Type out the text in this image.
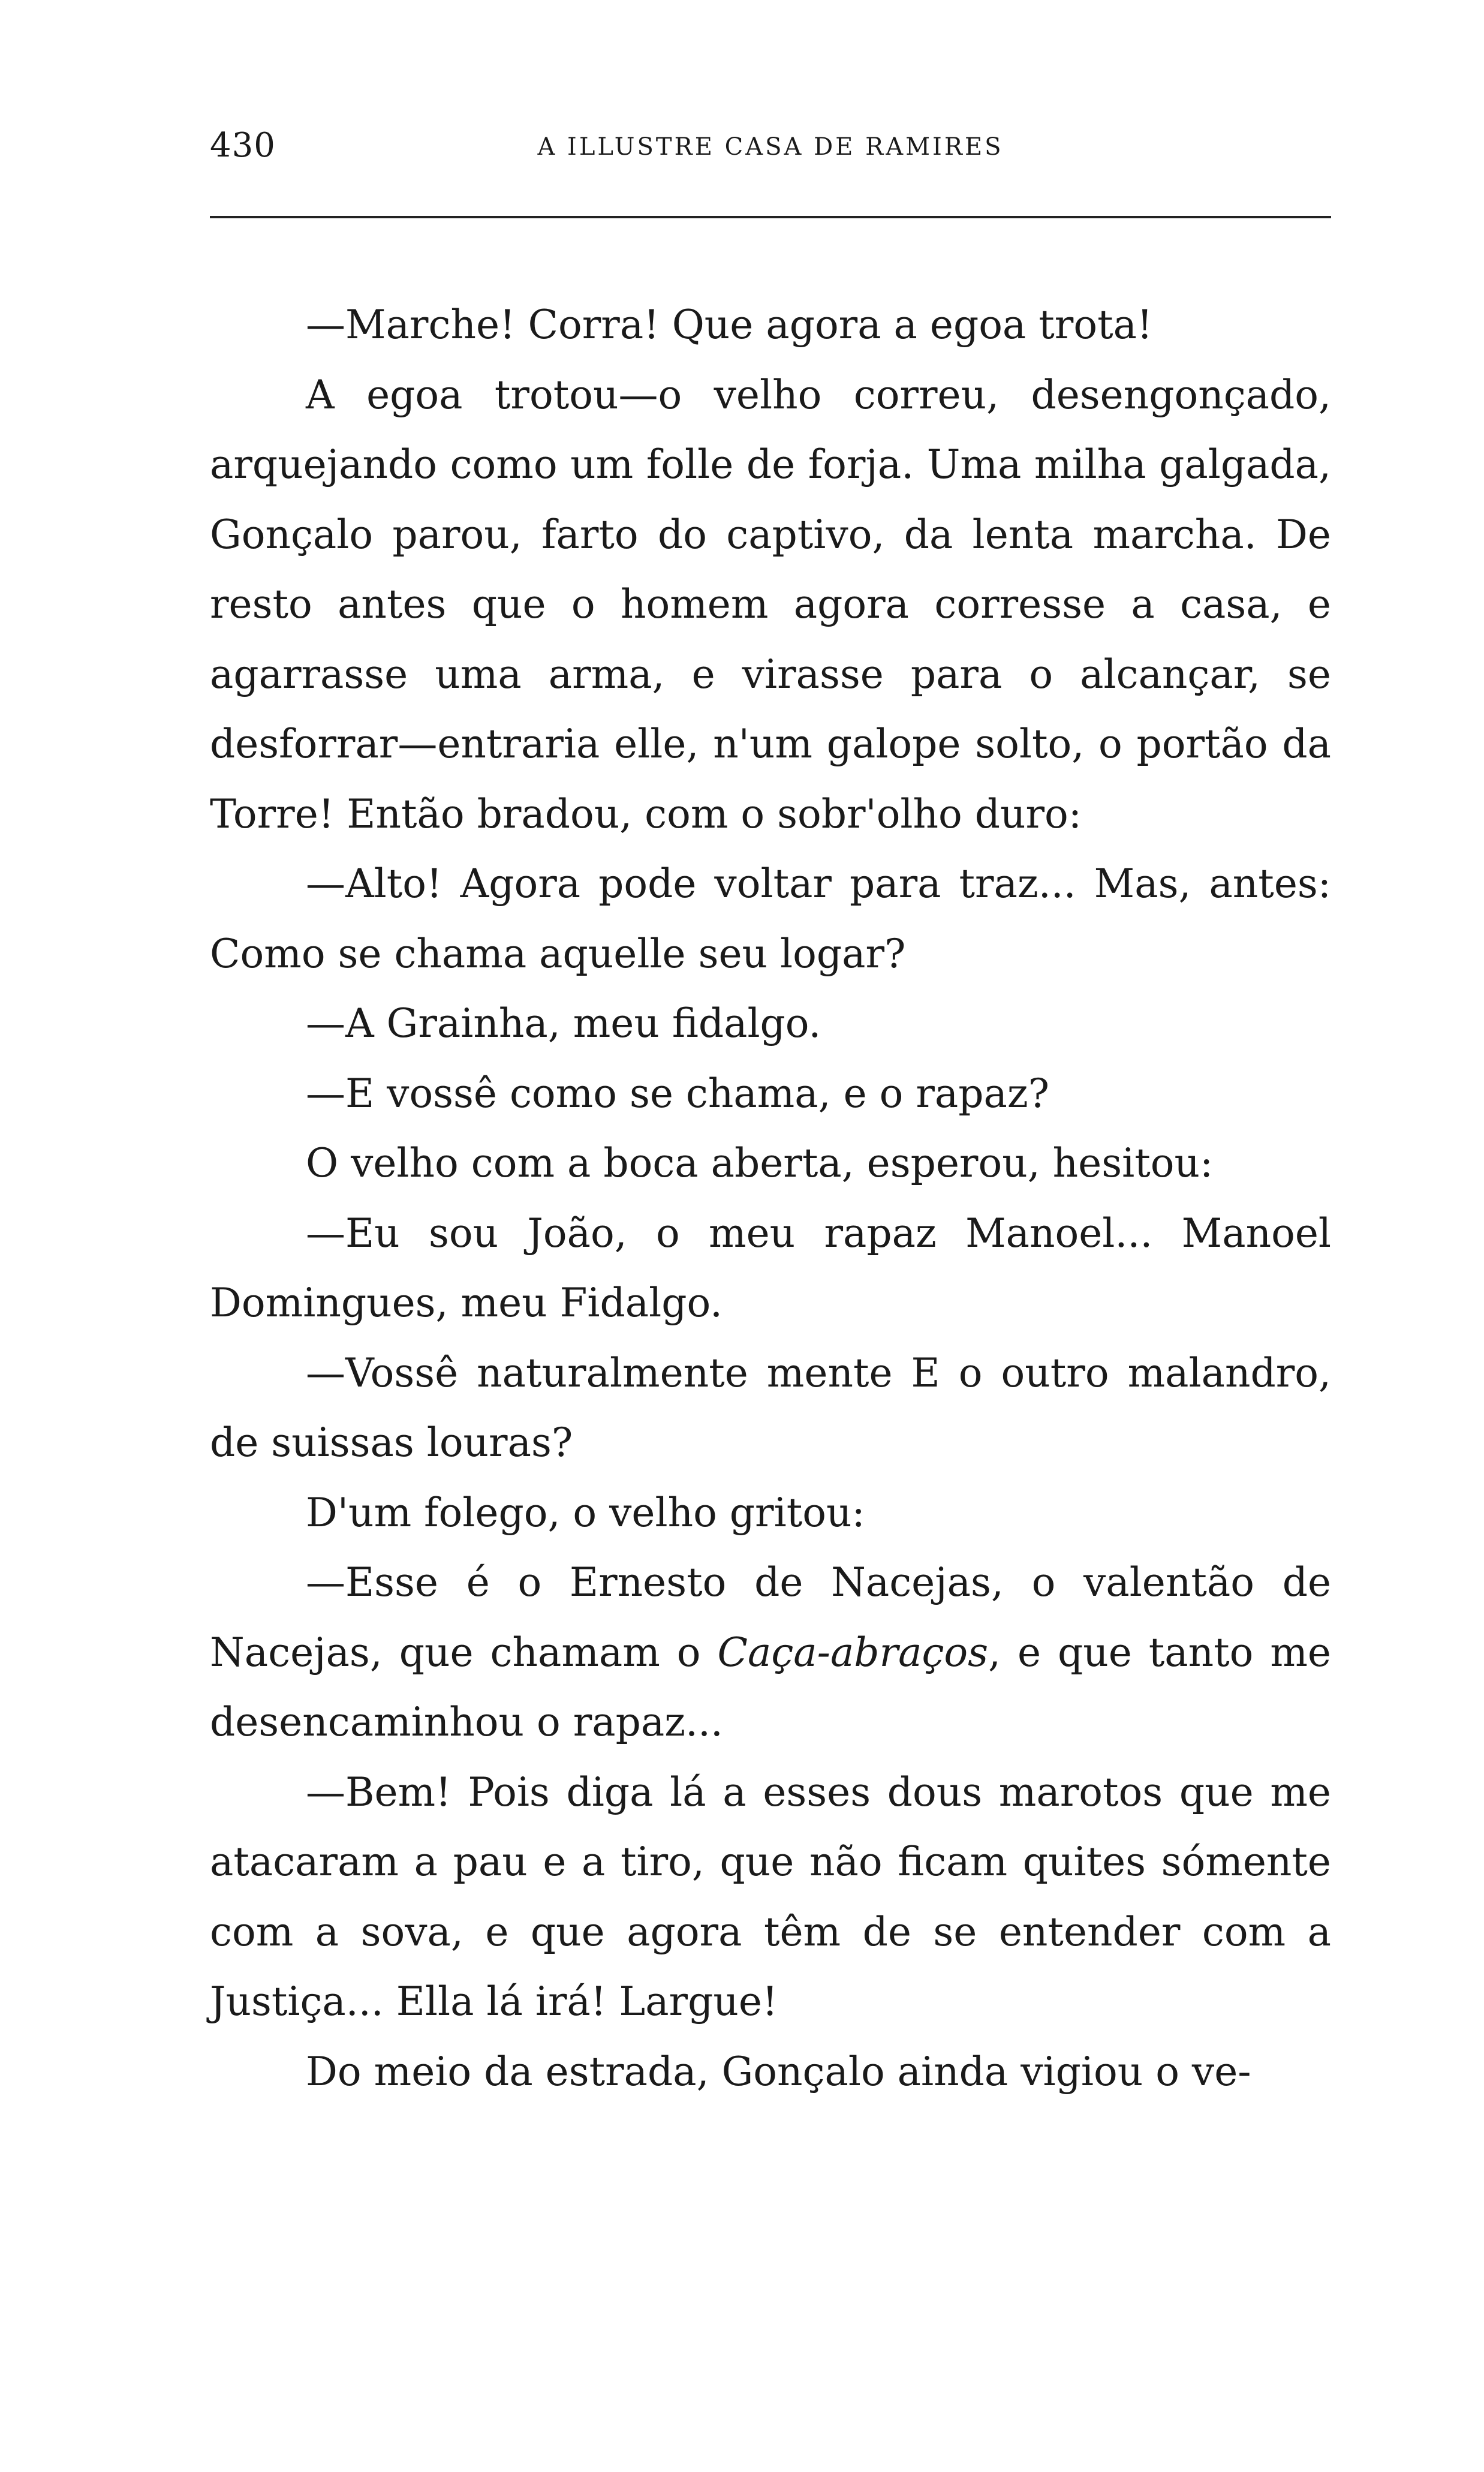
430	A ILLUSTRE CASA DE RAMIRES

—Marche! Corra! Que agora a egoa trota!

A egoa trotou—o velho correu, desengonçado, arquejando como um folle de forja. Uma milha galgada, Gonçalo parou, farto do captivo, da lenta marcha. De resto antes que o homem agora corresse a casa, e agarrasse uma arma, e virasse para o alcançar, se desforrar—entraria elle, n'um galope solto, o portão da Torre! Então bradou, com o sobr'olho duro:

—Alto! Agora pode voltar para traz... Mas, antes: Como se chama aquelle seu logar?

—A Grainha, meu fidalgo.

—E vossê como se chama, e o rapaz?

O velho com a boca aberta, esperou, hesitou:

—Eu sou João, o meu rapaz Manoel... Manoel Domingues, meu Fidalgo.

—Vossê naturalmente mente E o outro malandro, de suissas louras?

D'um folego, o velho gritou:

—Esse é o Ernesto de Nacejas, o valentão de Nacejas, que chamam o Caça-abraços, e que tanto me desencaminhou o rapaz...

—Bem! Pois diga lá a esses dous marotos que me atacaram a pau e a tiro, que não ficam quites sómente com a sova, e que agora têm de se entender com a Justiça... Ella lá irá! Largue!

Do meio da estrada, Gonçalo ainda vigiou o ve-
